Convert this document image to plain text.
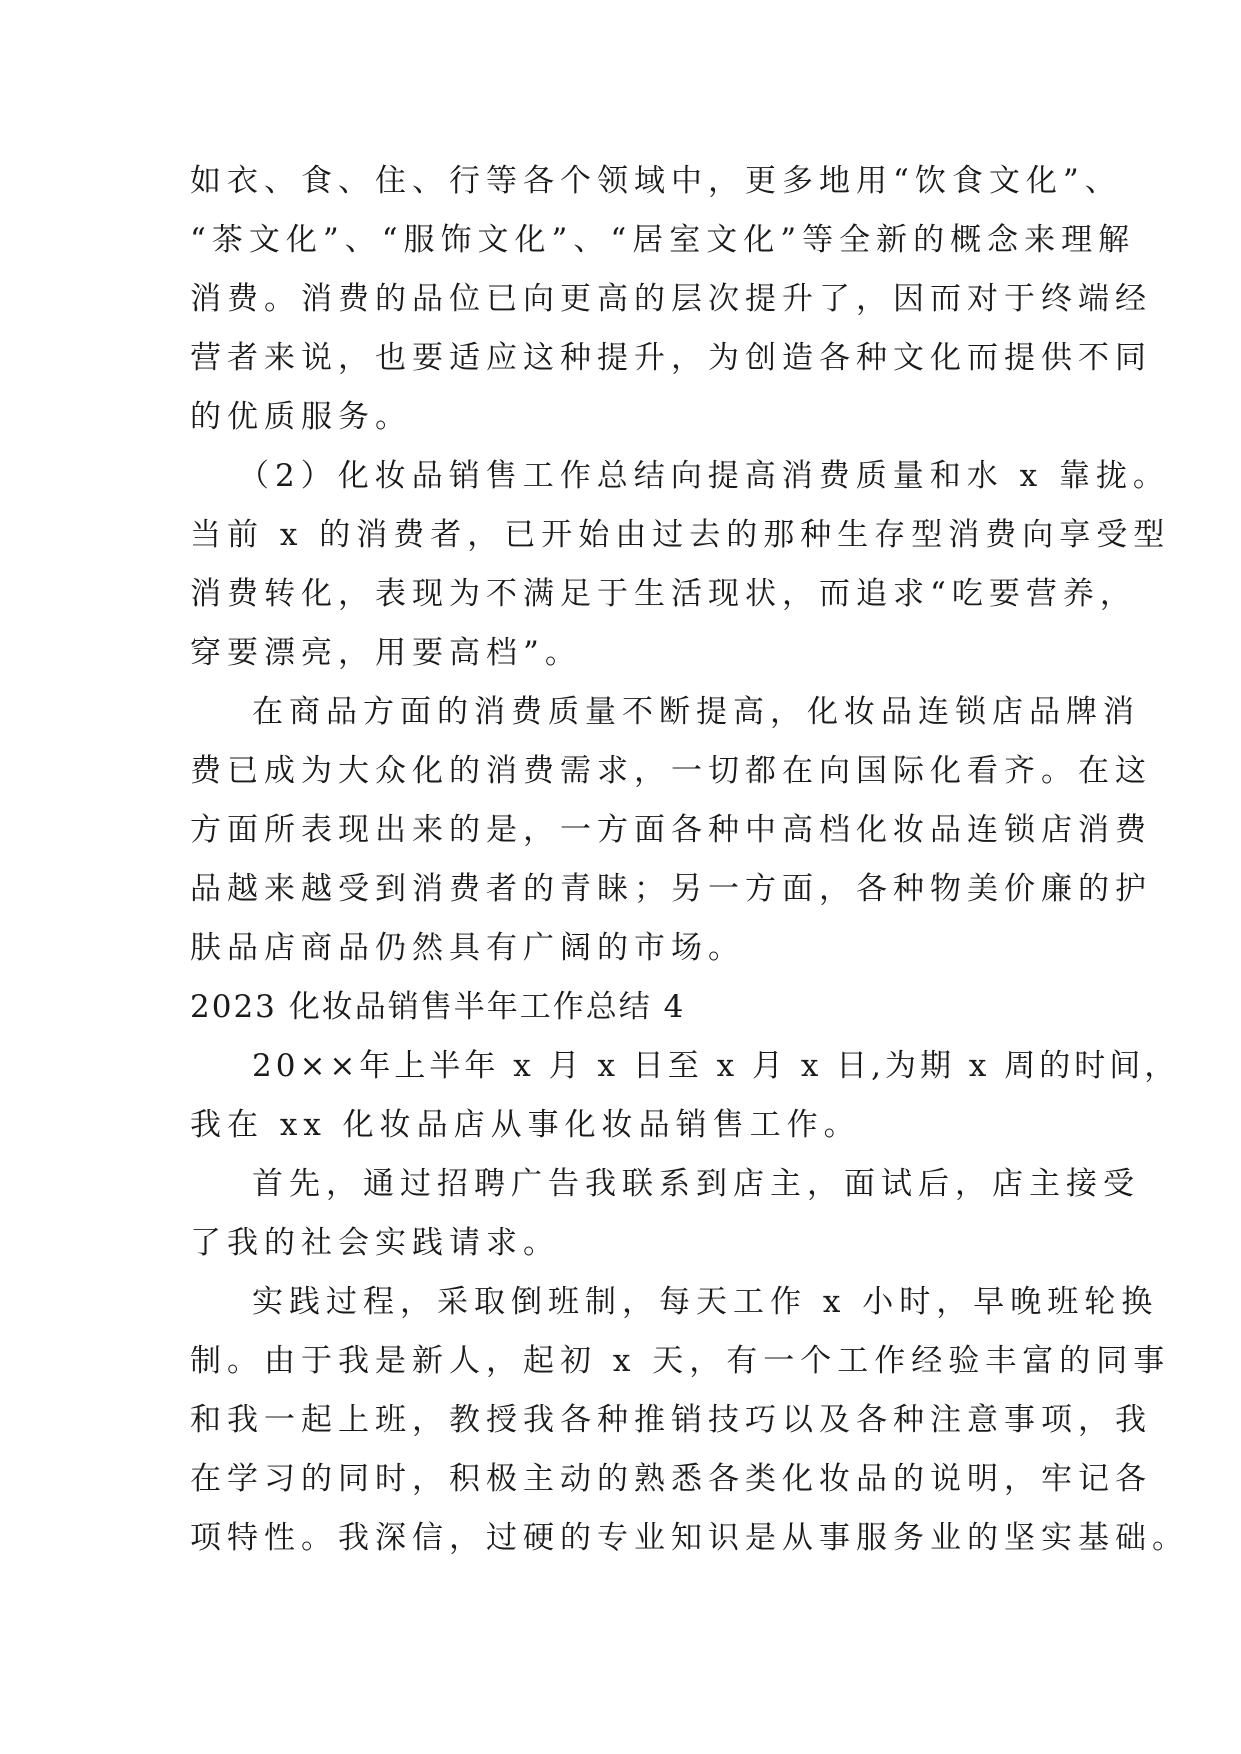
如衣、食、住、行等各个领域中，更多地用“饮食文化”、
“茶文化”、“服饰文化”、“居室文化”等全新的概念来理解
消费。消费的品位已向更高的层次提升了，因而对于终端经
营者来说，也要适应这种提升，为创造各种文化而提供不同
的优质服务。
（2）化妆品销售工作总结向提高消费质量和水 x 靠拢。
当前 x 的消费者，已开始由过去的那种生存型消费向享受型
消费转化，表现为不满足于生活现状，而追求“吃要营养，
穿要漂亮，用要高档”。
在商品方面的消费质量不断提高，化妆品连锁店品牌消
费已成为大众化的消费需求，一切都在向国际化看齐。在这
方面所表现出来的是，一方面各种中高档化妆品连锁店消费
品越来越受到消费者的青睐；另一方面，各种物美价廉的护
肤品店商品仍然具有广阔的市场。
2023 化妆品销售半年工作总结 4
20××年上半年 x 月 x 日至 x 月 x 日,为期 x 周的时间，
我在 xx 化妆品店从事化妆品销售工作。
首先，通过招聘广告我联系到店主，面试后，店主接受
了我的社会实践请求。
实践过程，采取倒班制，每天工作 x 小时，早晚班轮换
制。由于我是新人，起初 x 天，有一个工作经验丰富的同事
和我一起上班，教授我各种推销技巧以及各种注意事项，我
在学习的同时，积极主动的熟悉各类化妆品的说明，牢记各
项特性。我深信，过硬的专业知识是从事服务业的坚实基础。
